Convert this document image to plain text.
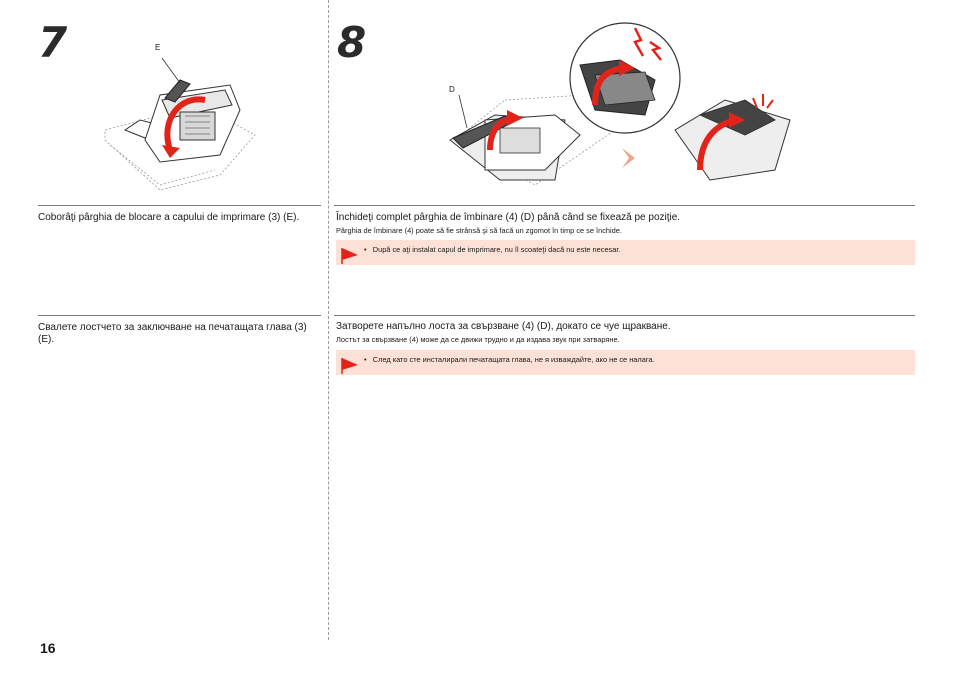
7	E
Coborâţi pârghia de blocare a capului de imprimare (3) (E).
Свалете лостчето за заключване на печатащата глава (3) (E).
8
D
Închideţi complet pârghia de îmbinare (4) (D) până când se fixează pe poziţie.
Pârghia de îmbinare (4) poate să fie strânsă şi să facă un zgomot în timp ce se închide.
•   După ce aţi instalat capul de imprimare, nu îl scoateţi dacă nu este necesar.
Затворете напълно лоста за свързване (4) (D), докато се чуе щракване.
Лостът за свързване (4) може да се движи трудно и да издава звук при затваряне.
•   След като сте инсталирали печатащата глава, не я изваждайте, ако не се налага.
16
